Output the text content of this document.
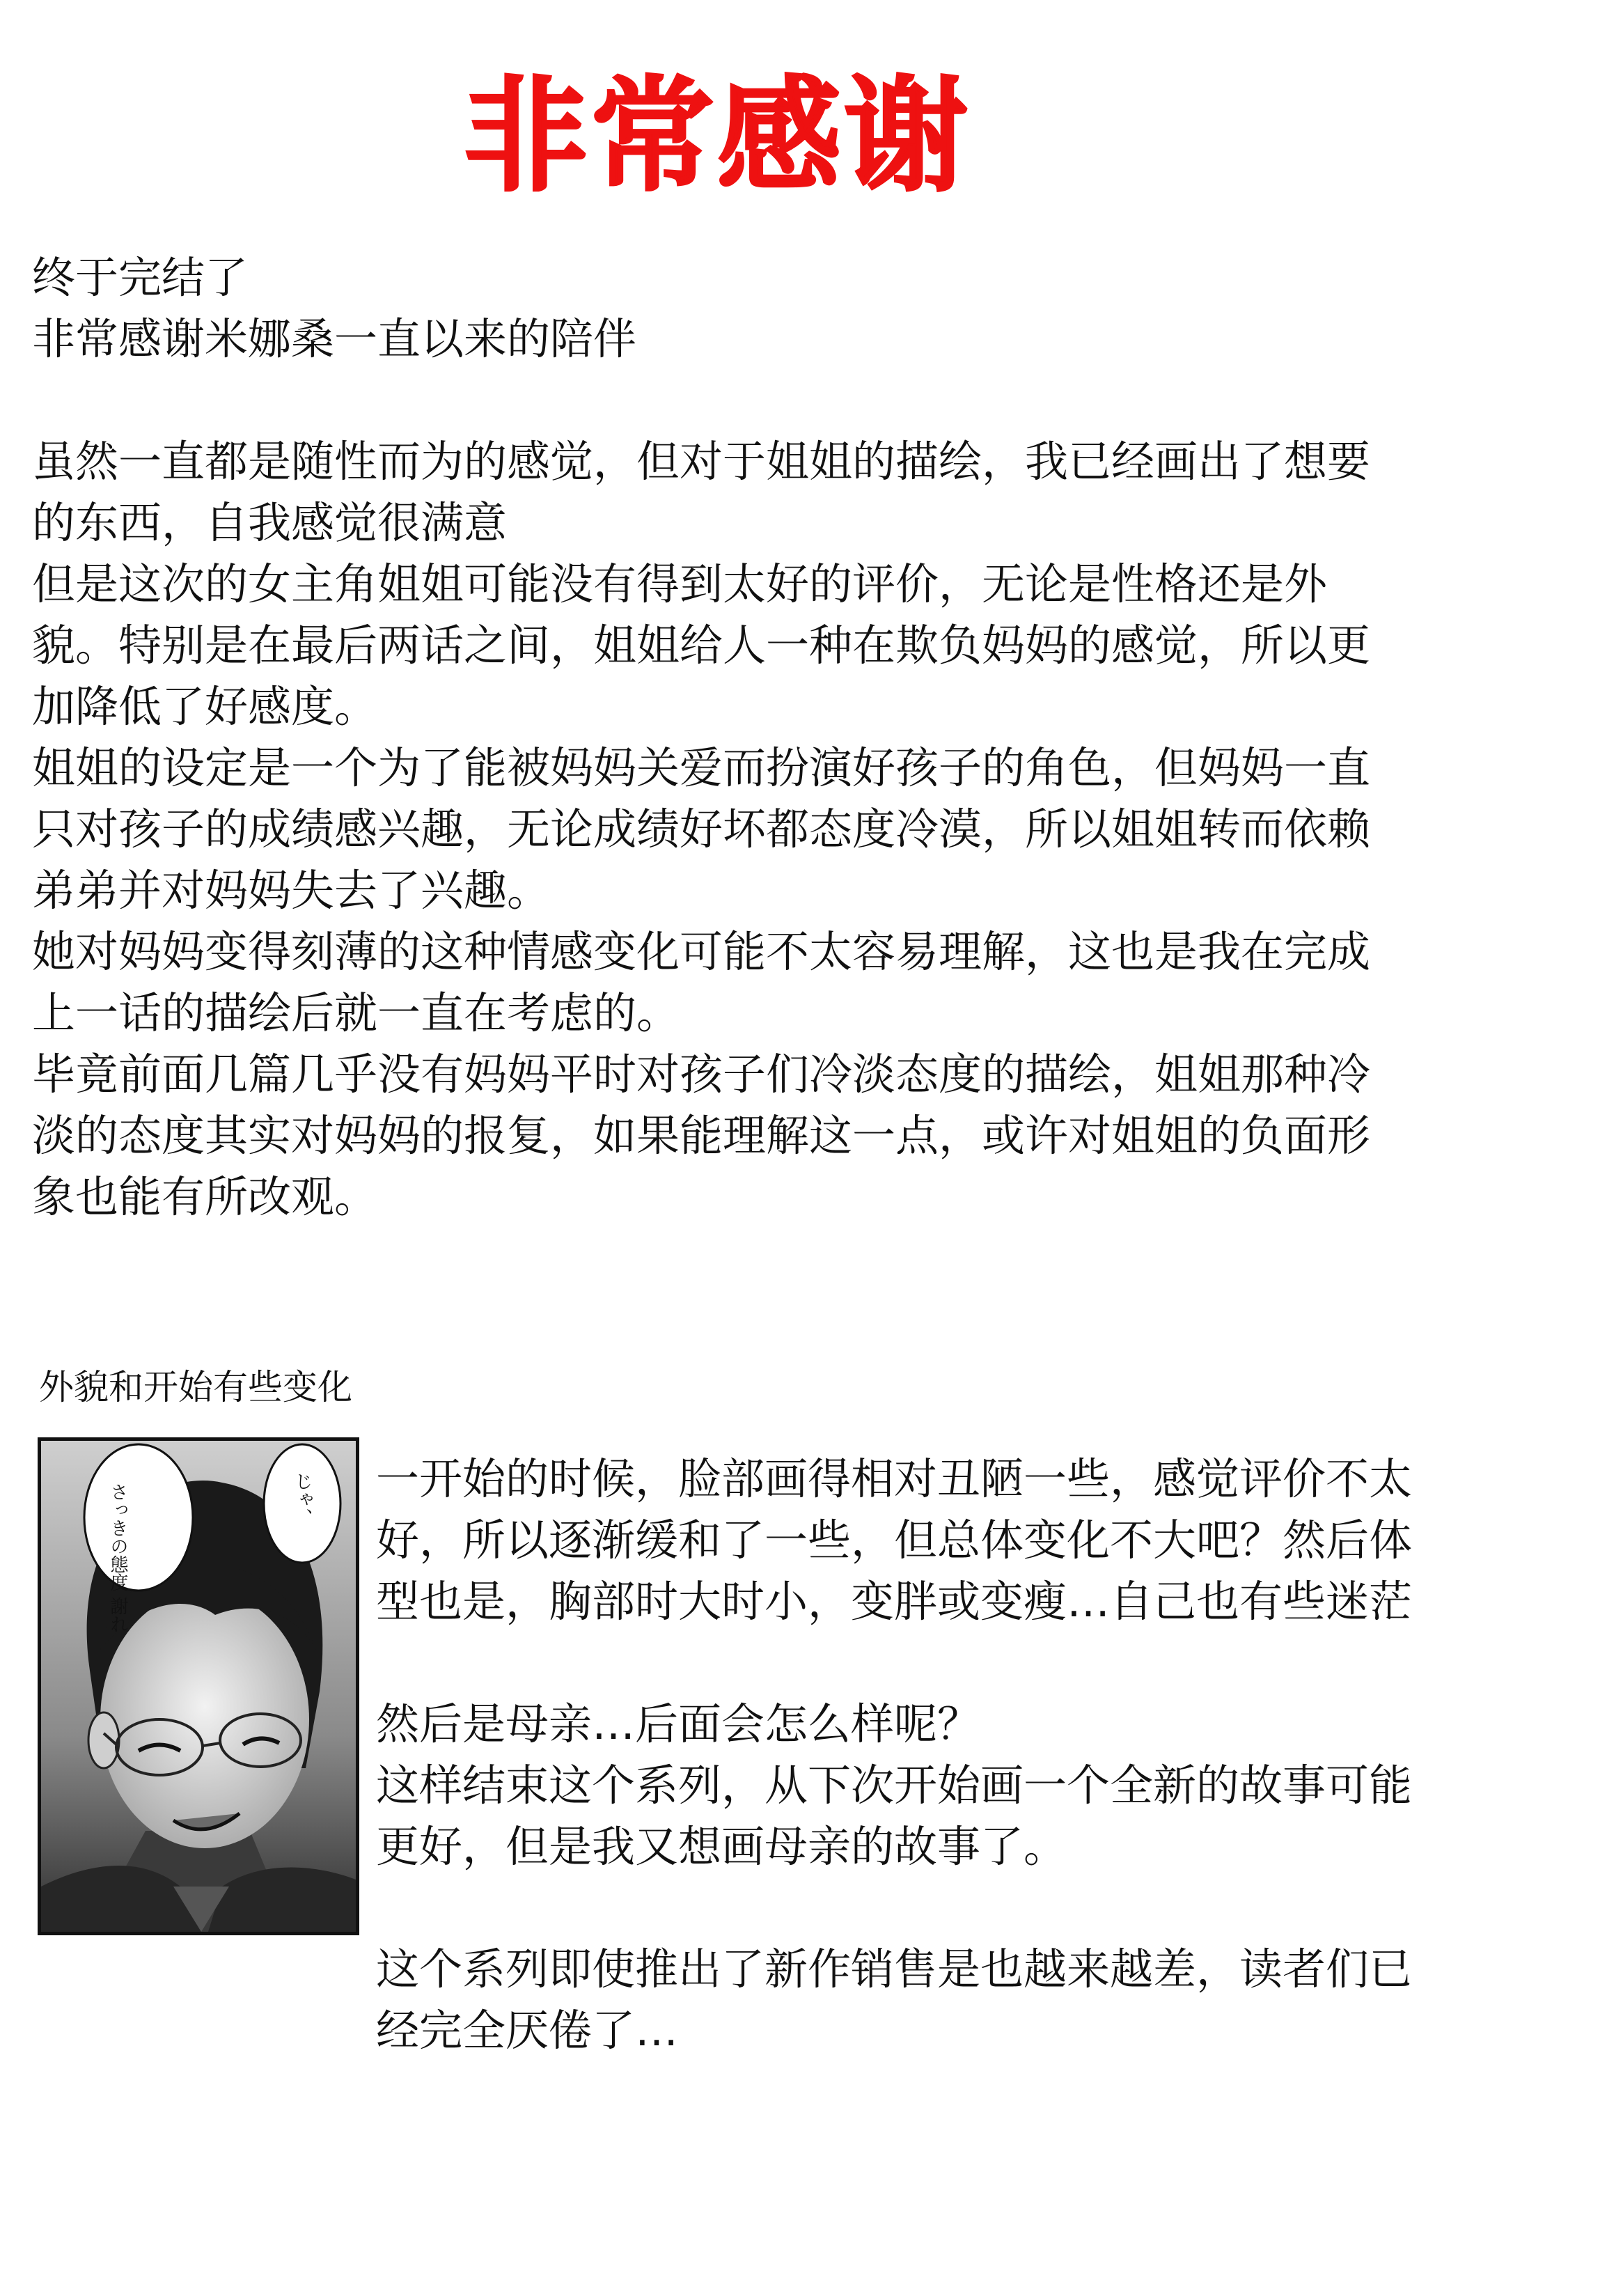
非常感谢

终于完结了

非常感谢米娜桑一直以来的陪伴

虽然一直都是随性而为的感觉，但对于姐姐的描绘，我已经画出了想要

的东西，自我感觉很满意

但是这次的女主角姐姐可能没有得到太好的评价，无论是性格还是外

貌。特别是在最后两话之间，姐姐给人一种在欺负妈妈的感觉，所以更

加降低了好感度。

姐姐的设定是一个为了能被妈妈关爱而扮演好孩子的角色，但妈妈一直

只对孩子的成绩感兴趣，无论成绩好坏都态度冷漠，所以姐姐转而依赖

弟弟并对妈妈失去了兴趣。

她对妈妈变得刻薄的这种情感变化可能不太容易理解，这也是我在完成

上一话的描绘后就一直在考虑的。

毕竟前面几篇几乎没有妈妈平时对孩子们冷淡态度的描绘，姐姐那种冷

淡的态度其实对妈妈的报复，如果能理解这一点，或许对姐姐的负面形

象也能有所改观。

外貌和开始有些变化
さっきの態度 謝れ	じゃ、 一开始的时候，脸部画得相对丑陋一些，感觉评价不太

好，所以逐渐缓和了一些，但总体变化不大吧？然后体

型也是，胸部时大时小，变胖或变瘦…自己也有些迷茫

然后是母亲…后面会怎么样呢？

这样结束这个系列，从下次开始画一个全新的故事可能

更好，但是我又想画母亲的故事了。

这个系列即使推出了新作销售是也越来越差，读者们已

经完全厌倦了…
